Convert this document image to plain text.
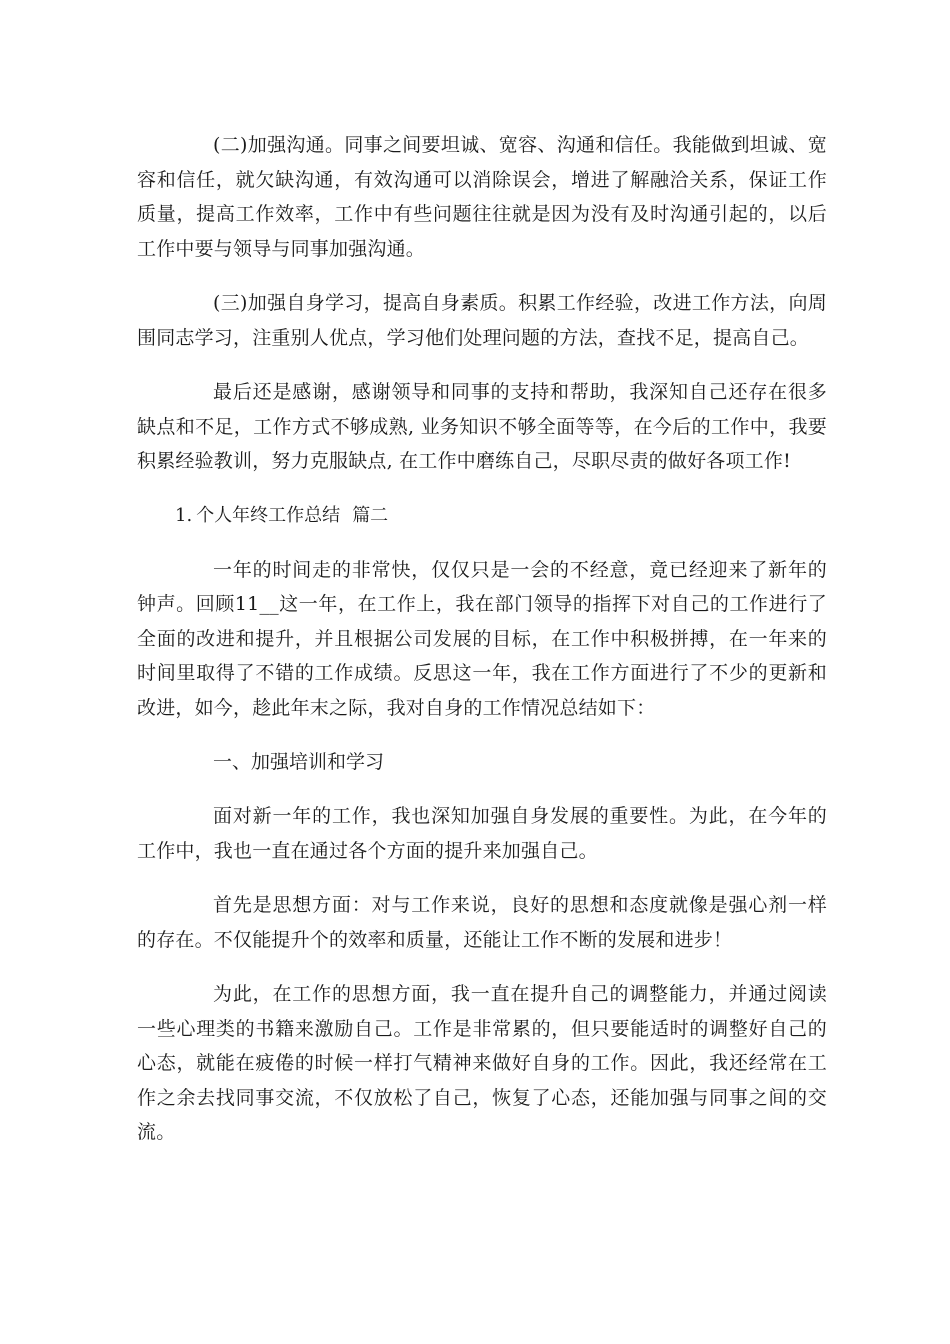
(二)加强沟通。同事之间要坦诚、宽容、沟通和信任。我能做到坦诚、宽容和信任，就欠缺沟通，有效沟通可以消除误会，增进了解融洽关系，保证工作质量，提高工作效率，工作中有些问题往往就是因为没有及时沟通引起的，以后工作中要与领导与同事加强沟通。

(三)加强自身学习，提高自身素质。积累工作经验，改进工作方法，向周围同志学习，注重别人优点，学习他们处理问题的方法，查找不足，提高自己。

最后还是感谢，感谢领导和同事的支持和帮助，我深知自己还存在很多缺点和不足，工作方式不够成熟, 业务知识不够全面等等，在今后的工作中，我要积累经验教训，努力克服缺点, 在工作中磨练自己，尽职尽责的做好各项工作!

1. 个人年终工作总结 篇二

一年的时间走的非常快，仅仅只是一会的不经意，竟已经迎来了新年的钟声。回顾11__这一年，在工作上，我在部门领导的指挥下对自己的工作进行了全面的改进和提升，并且根据公司发展的目标，在工作中积极拼搏，在一年来的时间里取得了不错的工作成绩。反思这一年，我在工作方面进行了不少的更新和改进，如今，趁此年末之际，我对自身的工作情况总结如下：

一、加强培训和学习

面对新一年的工作，我也深知加强自身发展的重要性。为此，在今年的工作中，我也一直在通过各个方面的提升来加强自己。

首先是思想方面：对与工作来说，良好的思想和态度就像是强心剂一样的存在。不仅能提升个的效率和质量，还能让工作不断的发展和进步！

为此，在工作的思想方面，我一直在提升自己的调整能力，并通过阅读一些心理类的书籍来激励自己。工作是非常累的，但只要能适时的调整好自己的心态，就能在疲倦的时候一样打气精神来做好自身的工作。因此，我还经常在工作之余去找同事交流，不仅放松了自己，恢复了心态，还能加强与同事之间的交流。
